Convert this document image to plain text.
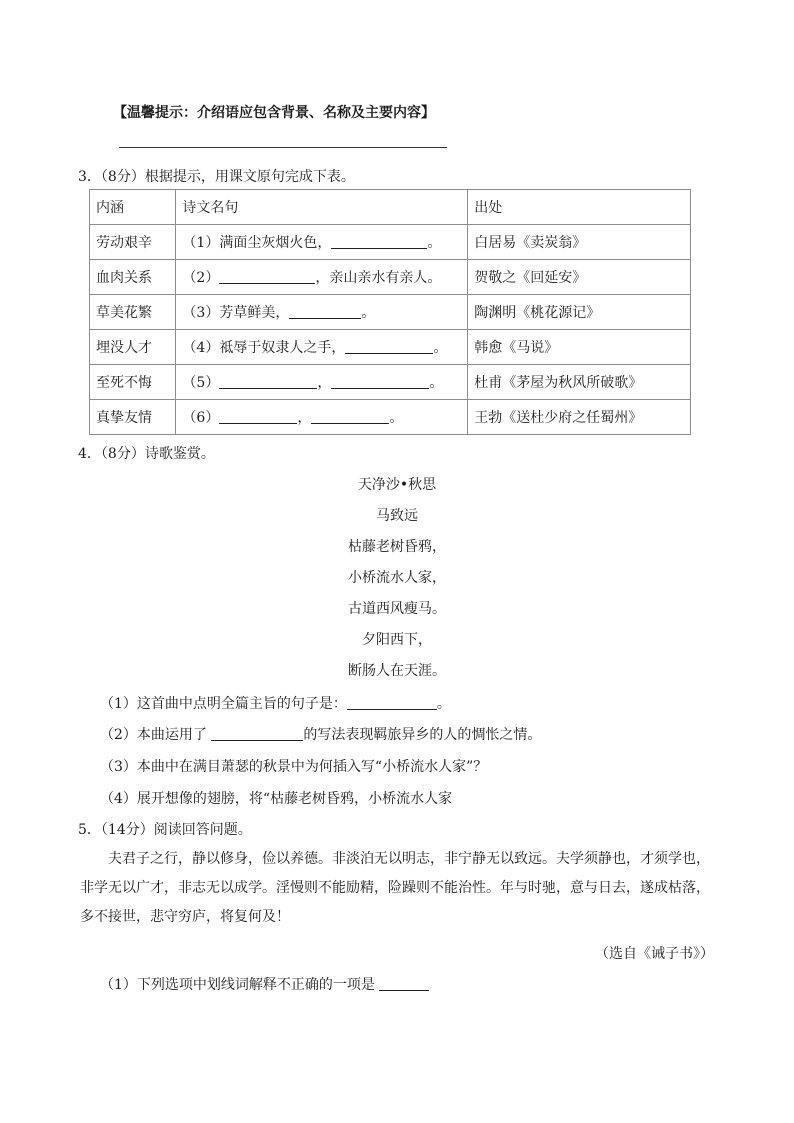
【温馨提示：介绍语应包含背景、名称及主要内容】
3．（8分）根据提示，用课文原句完成下表。
内涵	诗文名句	出处
劳动艰辛	（1）满面尘灰烟火色， 。	白居易《卖炭翁》
血肉关系	（2） ，亲山亲水有亲人。	贺敬之《回延安》
草美花繁	（3）芳草鲜美， 。	陶渊明《桃花源记》
埋没人才	（4）祗辱于奴隶人之手， 。	韩愈《马说》
至死不悔	（5） ， 。	杜甫《茅屋为秋风所破歌》
真挚友情	（6） ， 。	王勃《送杜少府之任蜀州》
4．（8分）诗歌鉴赏。
天净沙•秋思
马致远
枯藤老树昏鸦，
小桥流水人家，
古道西风瘦马。
夕阳西下，
断肠人在天涯。
（1）这首曲中点明全篇主旨的句子是：	。
（2）本曲运用了	的写法表现羁旅异乡的人的惆怅之情。
（3）本曲中在满目萧瑟的秋景中为何插入写“小桥流水人家”？
（4）展开想像的翅膀，将“枯藤老树昏鸦，小桥流水人家
5．（14分）阅读回答问题。
夫君子之行，静以修身，俭以养德。非淡泊无以明志，非宁静无以致远。夫学须静也，才须学也，非学无以广才，非志无以成学。淫慢则不能励精，险躁则不能治性。年与时驰，意与日去，遂成枯落，多不接世，悲守穷庐，将复何及！
（选自《诫子书》）
（1）下列选项中划线词解释不正确的一项是
